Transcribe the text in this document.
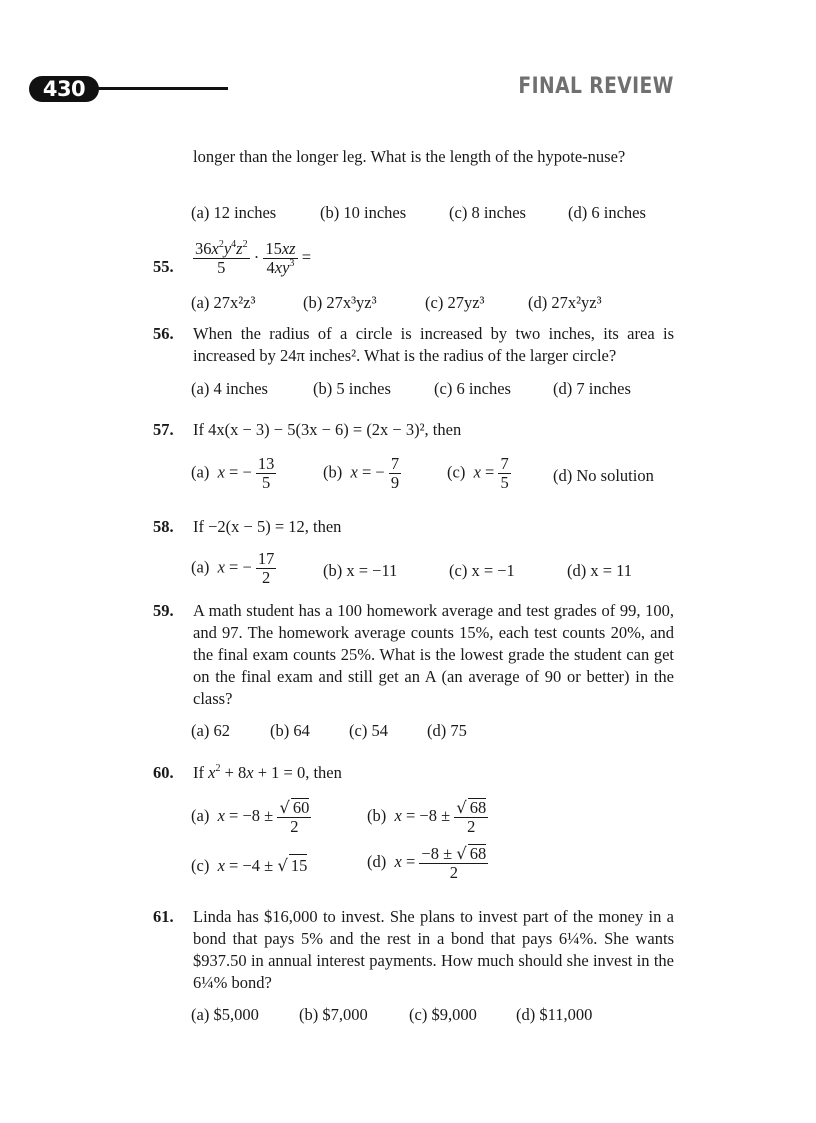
430	FINAL REVIEW
longer than the longer leg. What is the length of the hypote-nuse?
(a) 12 inches	(b) 10 inches	(c) 8 inches	(d) 6 inches
55. $\frac{36x^2y^4z^2}{5} \cdot \frac{15xz}{4xy^3}$ =
(a) 27x²z³	(b) 27x³yz³	(c) 27yz³	(d) 27x²yz³
56. When the radius of a circle is increased by two inches, its area is increased by 24π inches². What is the radius of the larger circle?
(a) 4 inches	(b) 5 inches	(c) 6 inches	(d) 7 inches
57. If 4x(x − 3) − 5(3x − 6) = (2x − 3)², then
(a)  x = − $\frac{13}{5}$	(b)  x = − $\frac{7}{9}$	(c)  $x = \frac{7}{5}$	(d) No solution
58. If −2(x − 5) = 12, then
(a)  x = − $\frac{17}{2}$	(b) x = −11	(c) x = −1	(d) x = 11
59. A math student has a 100 homework average and test grades of 99, 100, and 97. The homework average counts 15%, each test counts 20%, and the final exam counts 25%. What is the lowest grade the student can get on the final exam and still get an A (an average of 90 or better) in the class?
(a) 62 (b) 64 (c) 54 (d) 75
60. If $x^2 + 8x + 1 = 0$, then
(a)  $x = -8 \pm \frac{√ 60}{2}$	(b)  $x = -8 \pm \frac{√ 68}{2}$
(c)  x = −4 ± √ 15	(d)  $x = \frac{-8 \pm √ 68}{2}$
61. Linda has $16,000 to invest. She plans to invest part of the money in a bond that pays 5% and the rest in a bond that pays 6¼%. She wants $937.50 in annual interest payments. How much should she invest in the 6¼% bond?
(a) $5,000 (b) $7,000	(c) $9,000 (d) $11,000
